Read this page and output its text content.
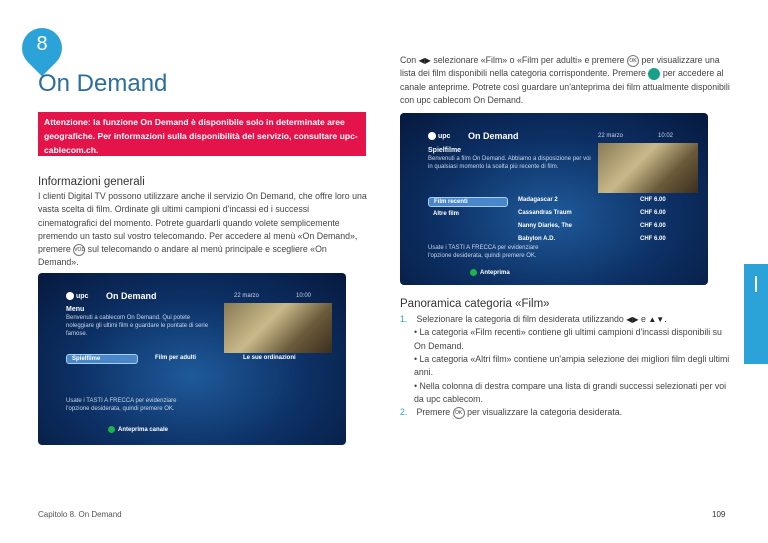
8
On Demand
Attenzione: la funzione On Demand è disponibile solo in determinate aree geografiche. Per informazioni sulla disponibilità del servizio, consultare upc-cablecom.ch.
Informazioni generali
I clienti Digital TV possono utilizzare anche il servizio On Demand, che offre loro una vasta scelta di film. Ordinate gli ultimi campioni d'incassi ed i successi cinematografici del momento. Potrete guardarli quando volete semplicemente premendo un tasto sul vostro telecomando. Per accedere al menù «On Demand», premere VOD sul telecomando o andare al menù principale e scegliere «On Demand».
upc On Demand	22 marzo	10:00
Menu
Benvenuti a cablecom On Demand. Qui potete noleggiare gli ultimi film e guardare le puntate di serie famose.
Spielfilme	Film per adulti	Le sue ordinazioni
Usate i TASTI A FRECCA per evidenziare l'opzione desiderata, quindi premere OK.
Anteprima canale
Con ◀▶ selezionare «Film» o «Film per adulti» e premere OK per visualizzare una lista dei film disponibili nella categoria corrispondente. Premere per accedere al canale anteprime. Potrete così guardare un'anteprima dei film attualmente disponibili con upc cablecom On Demand.
upc On Demand	22 marzo	10:02
Spielfilme
Benvenuti a film On Demand. Abbiamo a disposizione per voi in qualsiasi momento la scelta più recente di film.
Film recenti
Altre film
Madagascar 2	CHF 6.00
Cassandras Traum	CHF 6.00
Nanny Diaries, The	CHF 6.00
Babylon A.D.	CHF 6.00
Usate i TASTI A FRECCA per evidenziare l'opzione desiderata, quindi premere OK.
Anteprima
Panoramica categoria «Film»
1. Selezionare la categoria di film desiderata utilizzando ◀▶ e ▲▼.
• La categoria «Film recenti» contiene gli ultimi campioni d'incassi disponibili su On Demand.
• La categoria «Altri film» contiene un'ampia selezione dei migliori film degli ultimi anni.
• Nella colonna di destra compare una lista di grandi successi selezionati per voi da upc cablecom.
2. Premere OK per visualizzare la categoria desiderata.
Capitolo 8. On Demand	109
